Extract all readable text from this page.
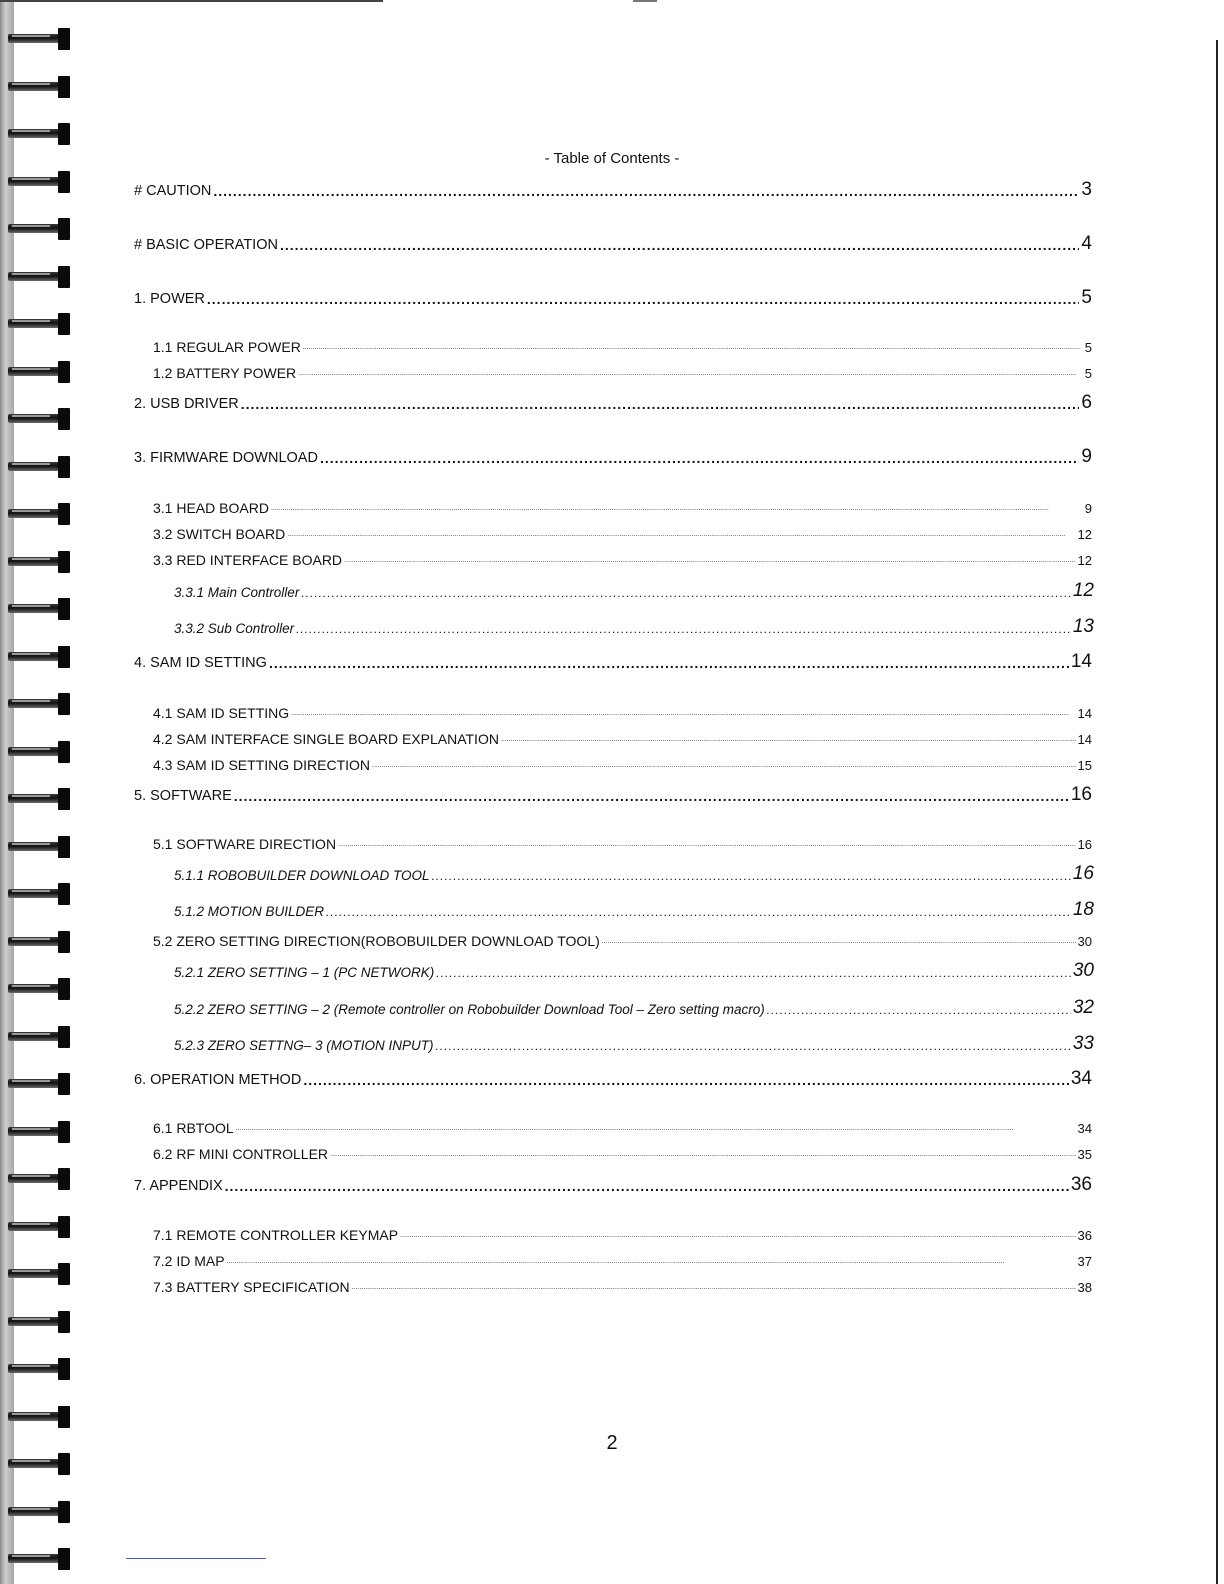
- Table of Contents -
# CAUTION .....	3
# BASIC OPERATION .....	4
1. POWER .....	5
1.1 REGULAR POWER .....	5
1.2 BATTERY POWER .....	5
2. USB DRIVER .....	6
3. FIRMWARE DOWNLOAD .....	9
3.1 HEAD BOARD .....	9
3.2 SWITCH BOARD .....	12
3.3 RED INTERFACE BOARD .....	12
3.3.1 Main Controller .....	12
3.3.2 Sub Controller .....	13
4. SAM ID SETTING .....	14
4.1 SAM ID SETTING .....	14
4.2 SAM INTERFACE SINGLE BOARD EXPLANATION .....	14
4.3 SAM ID SETTING DIRECTION .....	15
5. SOFTWARE .....	16
5.1 SOFTWARE DIRECTION .....	16
5.1.1 ROBOBUILDER DOWNLOAD TOOL .....	16
5.1.2 MOTION BUILDER .....	18
5.2 ZERO SETTING DIRECTION(ROBOBUILDER DOWNLOAD TOOL) .....	30
5.2.1 ZERO SETTING – 1 (PC NETWORK) .....	30
5.2.2 ZERO SETTING – 2 (Remote controller on Robobuilder Download Tool – Zero setting macro) .....	32
5.2.3 ZERO SETTNG– 3 (MOTION INPUT) .....	33
6. OPERATION METHOD .....	34
6.1 RBTOOL .....	34
6.2 RF MINI CONTROLLER .....	35
7. APPENDIX .....	36
7.1 REMOTE CONTROLLER KEYMAP .....	36
7.2 ID MAP .....	37
7.3 BATTERY SPECIFICATION .....	38
2
